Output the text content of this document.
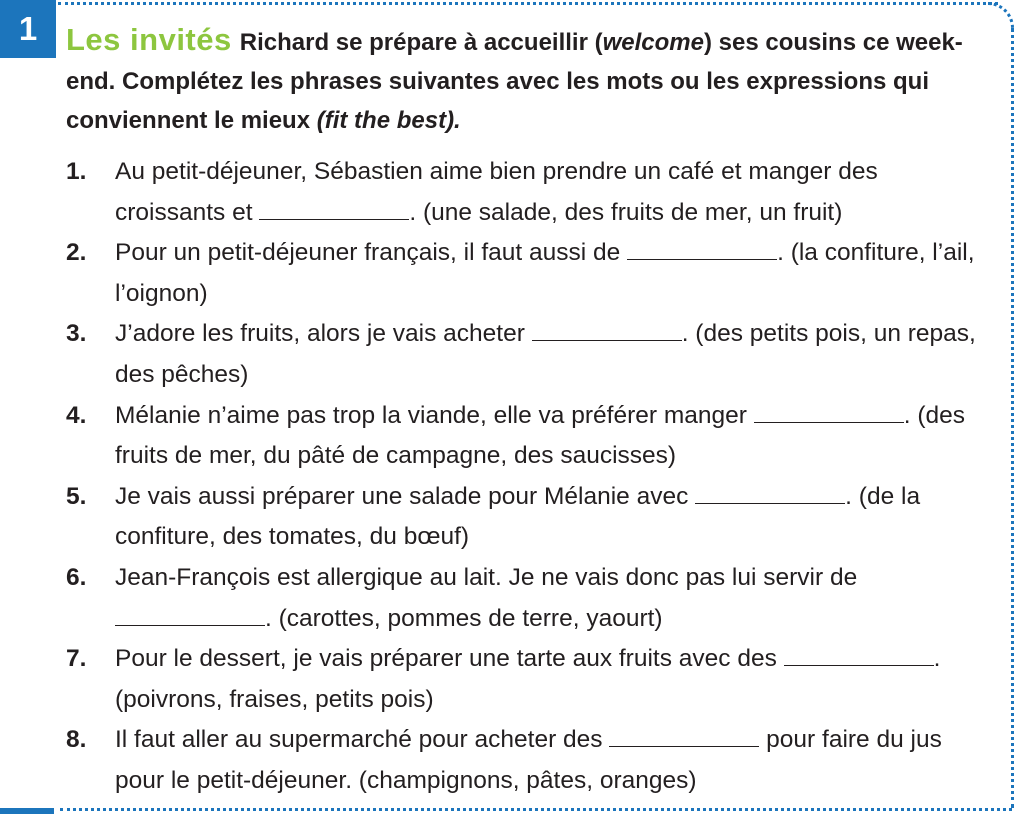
1 Les invités Richard se prépare à accueillir (welcome) ses cousins ce week-end. Complétez les phrases suivantes avec les mots ou les expressions qui conviennent le mieux (fit the best).
1.	Au petit-déjeuner, Sébastien aime bien prendre un café et manger des croissants et	. (une salade, des fruits de mer, un fruit)
2.	Pour un petit-déjeuner français, il faut aussi de	. (la confiture, l’ail, l’oignon)
3.	J’adore les fruits, alors je vais acheter	. (des petits pois, un repas, des pêches)
4.	Mélanie n’aime pas trop la viande, elle va préférer manger	. (des fruits de mer, du pâté de campagne, des saucisses)
5.	Je vais aussi préparer une salade pour Mélanie avec	. (de la confiture, des tomates, du bœuf)
6.	Jean-François est allergique au lait. Je ne vais donc pas lui servir de . (carottes, pommes de terre, yaourt)
7.	Pour le dessert, je vais préparer une tarte aux fruits avec des	. (poivrons, fraises, petits pois)
8.	Il faut aller au supermarché pour acheter des	pour faire du jus pour le petit-déjeuner. (champignons, pâtes, oranges)
